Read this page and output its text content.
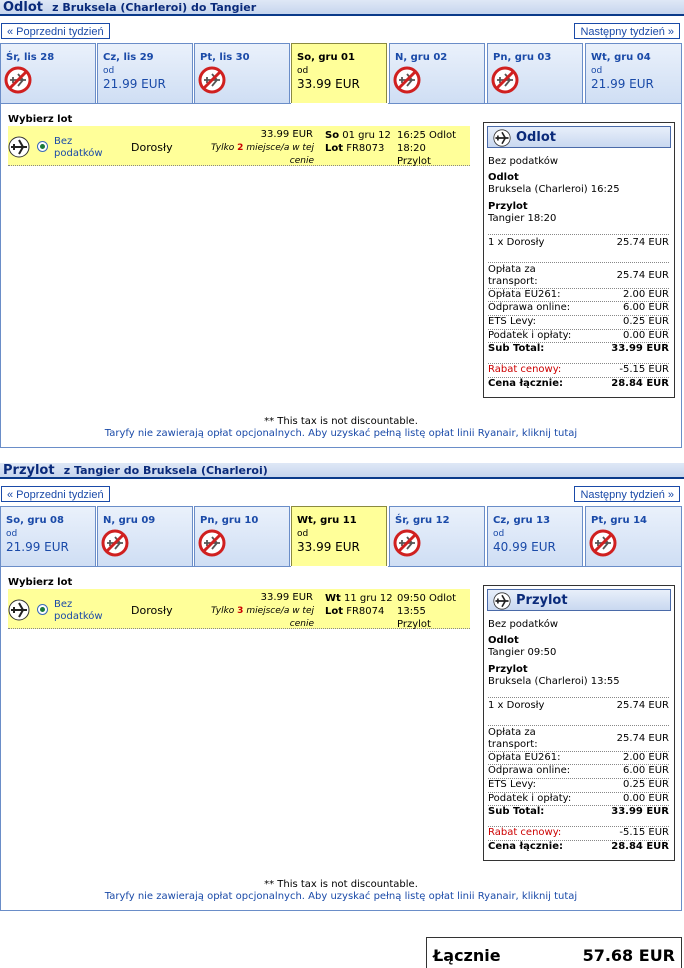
Odlot z Bruksela (Charleroi) do Tangier
« Poprzedni tydzień	Następny tydzień »
Śr, lis 28	Cz, lis 29
od
21.99 EUR
Pt, lis 30	So, gru 01
od
33.99 EUR
N, gru 02	Pn, gru 03	Wt, gru 04
od
21.99 EUR
Wybierz lot
Bez podatków	Dorosły
33.99 EUR
Tylko 2 miejsce/a w tej cenie
So 01 gru 12
Lot FR8073
16:25 Odlot
18:20
Przylot
Odlot
Bez podatków
Odlot
Bruksela (Charleroi) 16:25
Przylot
Tangier 18:20
1 x Dorosły	25.74 EUR
Opłata za transport:
25.74 EUR
Opłata EU261:	2.00 EUR
Odprawa online:	6.00 EUR
ETS Levy:	0.25 EUR
Podatek i opłaty:	0.00 EUR
Sub Total:	33.99 EUR
Rabat cenowy:	-5.15 EUR
Cena łącznie:	28.84 EUR
** This tax is not discountable.
Taryfy nie zawierają opłat opcjonalnych. Aby uzyskać pełną listę opłat linii Ryanair, kliknij tutaj
Przylot z Tangier do Bruksela (Charleroi)
« Poprzedni tydzień	Następny tydzień »
So, gru 08
od
21.99 EUR
N, gru 09	Pn, gru 10	Wt, gru 11
od
33.99 EUR
Śr, gru 12	Cz, gru 13
od
40.99 EUR
Pt, gru 14
Wybierz lot
Bez podatków	Dorosły
33.99 EUR
Tylko 3 miejsce/a w tej cenie
Wt 11 gru 12
Lot FR8074
09:50 Odlot
13:55
Przylot
Przylot
Bez podatków
Odlot
Tangier 09:50
Przylot
Bruksela (Charleroi) 13:55
1 x Dorosły	25.74 EUR
Opłata za transport:
25.74 EUR
Opłata EU261:	2.00 EUR
Odprawa online:	6.00 EUR
ETS Levy:	0.25 EUR
Podatek i opłaty:	0.00 EUR
Sub Total:	33.99 EUR
Rabat cenowy:	-5.15 EUR
Cena łącznie:	28.84 EUR
** This tax is not discountable.
Taryfy nie zawierają opłat opcjonalnych. Aby uzyskać pełną listę opłat linii Ryanair, kliknij tutaj
Łącznie	57.68 EUR
